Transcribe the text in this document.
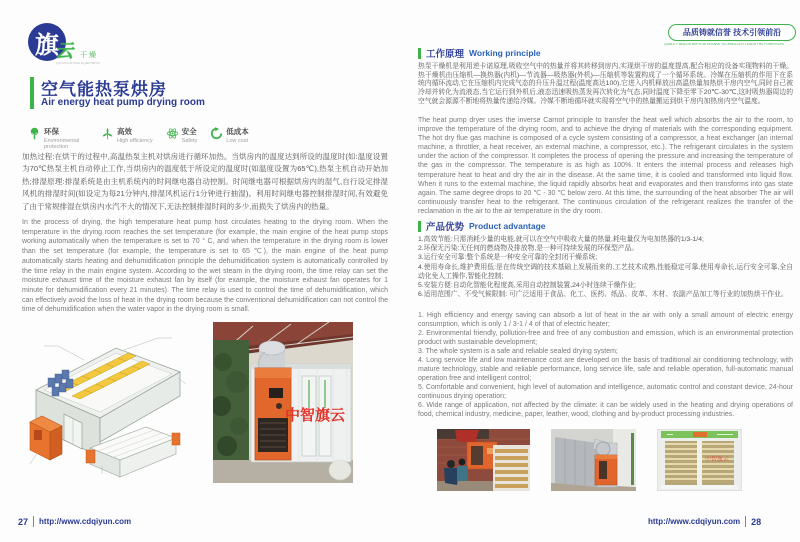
旗
云 干燥
QIYUN DRYING EQUIPMENT
空气能热泵烘房
Air energy heat pump drying room
环保
Environmental protection
高效
High efficiency
安全
Safety
低成本
Low cost

加热过程:在烘干的过程中,高温热泵主机对烘房进行循环加热。当烘房内的温度达到所设的温度时(如:温度设置为70℃热泵主机自动停止工作,当烘房内的温度低于所设定的温度时(如温度设置为65℃),热泵主机自动开始加热;排湿原理:排湿系统是由主机系统内的时间继电器自动控制。时间继电器可根据烘房内的湿气,自行设定排湿风机的排湿时间(如设定为每21分钟内,排湿风机运行1分钟进行抽湿)。利用时间继电器控制排湿时间,有效避免了由于常规排湿在烘房内水汽不大的情况下,无法控制排湿时间的多少,而损失了烘房内的热量。

In the process of drying, the high temperature heat pump host circulates heating to the drying room. When the temperature in the drying room reaches the set temperature (for example, the main engine of the heat pump stops working automatically when the temperature is set to 70 ° C, and when the temperature in the drying room is lower than the set temperature (for example, the temperature is set to 65 ℃), the main engine of the heat pump automatically starts heating and dehumidification principle the dehumidification system is automatically controlled by the time relay in the main engine system. According to the wet steam in the drying room, the time relay can set the moisture exhaust time of the moisture exhaust fan by itself (for example, the moisture exhaust fan operates for 1 minute for dehumidification every 21 minutes). The time relay is used to control the time of dehumidification, which can effectively avoid the loss of heat in the drying room because the conventional dehumidification can not control the time of dehumidification when the water vapor in the drying room is small.

中智旗云
27 http://www.cdqiyun.com
品质铸就信誉 技术引领前沿
QUALITY BUILDS REPUTATION AND TECHNOLOGY LEADS THE FOREFRONT
工作原理 Working principle

热泵干燥机是利用逆卡诺原理,吸收空气中的热量并将其转移到房内,实现烘干房的温度提高,配合相应的设备实现物料的干燥。热干燥机由压缩机—换热器(内机)—节流器—吸热器(外机)—压缩机等装置构成了一个循环系统。冷媒在压缩机的作用下在系统内循环流动,它在压缩机内完成气态的升压升温过程(温度高达100),它进入内机释放出高温热量加热烘干房内空气,同时自己被冷却并转化为流液态,当它运行到外机后,液态迅速吸热蒸发再次转化为气态,同时温度下降至零下20℃-30℃,这时吸热器周边的空气就会源源不断地将热量传递给冷媒。冷媒不断地循环就实现将空气中的热量搬运到烘干房内加热房内空气温度。

The heat pump dryer uses the inverse Carnot principle to transfer the heat well which absorbs the air to the room, to improve the temperature of the drying room, and to achieve the drying of materials with the corresponding equipment. The hot dry flue gas machine is composed of a cycle system consisting of a compressor, a heat exchanger (an internal machine, a throttler, a heat receiver, an external machine, a compressor, etc.). The refrigerant circulates in the system under the action of the compressor. It completes the process of opening the pressure and increasing the temperature of the gas in the compressor. The temperature is as high as 100%. It enters the internal process and releases high temperature heat to heat and dry the air in the disease. At the same time, it is cooled and transformed into liquid flow. When it runs to the external machine, the liquid rapidly absorbs heat and evaporates and then transforms into gas state again. The same degree drops to 20 ℃ - 30 ℃ below zero. At this time, the surrounding of the heat absorber The air will continuously transfer heat to the refrigerant. The continuous circulation of the refrigerant realizes the transfer of the reclamation in the air to the air temperature in the dry room.

产品优势 Product advantage
1.高效节能:只需消耗少量的电能,就可以在空气中吸收大量的热量,耗电量仅为电加热器的1/3-1/4;
2.环保无污染:无任何的燃烧物及排放物,是一种可持续发展的环保型产品。
3.运行安全可靠:整个系统是一种安全可靠的全封闭干燥系统;
4.使用寿命长,维护费用低:是在传统空调的技术基础上发展而来的,工艺技术成熟,性能稳定可靠,使用寿命长,运行安全可靠,全自动化免人工操作,智能化控制;
5.安装方便:自动化智能化程度高,采用自动控制装置,24小时连续干燥作业;
6.适用范围广、不受气候限制: 可广泛适用于食品、化工、医药、纸品、皮革、木材、农副产品加工等行业的加热烘干作业。
1. High efficiency and energy saving can absorb a lot of heat in the air with only a small amount of electric energy consumption, which is only 1 / 3-1 / 4 of that of electric heater;
2. Environmental friendly, pollution-free and free of any combustion and emission, which is an environmental protection product with sustainable development;
3. The whole system is a safe and reliable sealed drying system;
4. Long service life and low maintenance cost are developed on the basis of traditional air conditioning technology, with mature technology, stable and reliable performance, long service life, safe and reliable operation, full-automatic manual operation free and intelligent control;
5. Comfortable and convenient, high level of automation and intelligence, automatic control and constant device, 24-hour continuous drying operation;
6. Wide range of application, not affected by the climate: it can be widely used in the heating and drying operations of food, chemical industry, medicine, paper, leather, wood, clothing and by-product processing industries.
中智旗云
http://www.cdqiyun.com 28
